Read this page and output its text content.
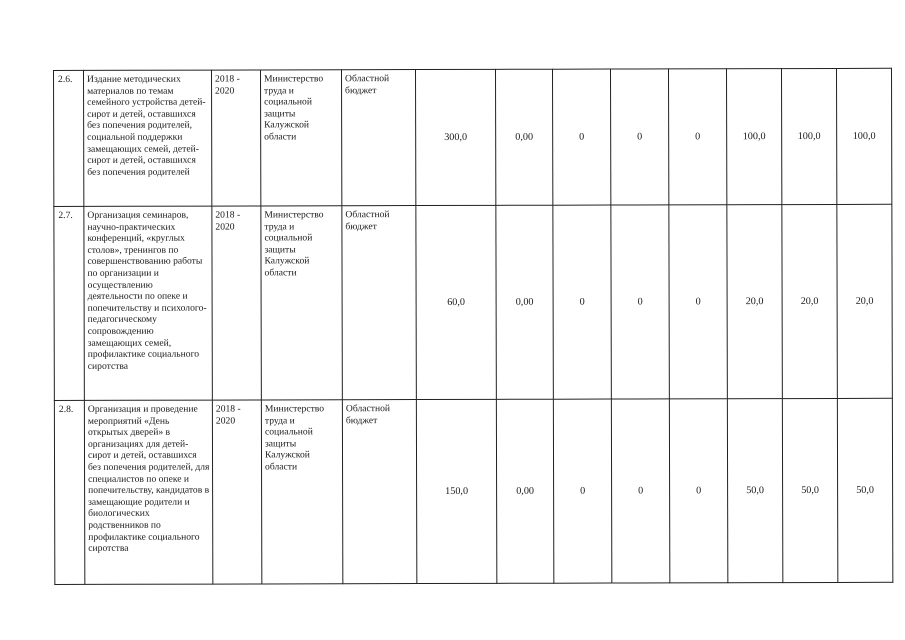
2.6.	Издание методических материалов по темам семейного устройства детей-сирот и детей, оставшихся без попечения родителей, социальной поддержки замещающих семей, детей-сирот и детей, оставшихся без попечения родителей	2018 - 2020	Министерство труда и социальной защиты Калужской области	Областной бюджет	300,0	0,00	0	0	0	100,0	100,0	100,0
2.7.	Организация семинаров, научно-практических конференций, «круглых столов», тренингов по совершенствованию работы по организации и осуществлению деятельности по опеке и попечительству и психолого-педагогическому сопровождению замещающих семей, профилактике социального сиротства	2018 - 2020	Министерство труда и социальной защиты Калужской области	Областной бюджет	60,0	0,00	0	0	0	20,0	20,0	20,0
2.8.	Организация и проведение мероприятий «День открытых дверей» в организациях для детей-сирот и детей, оставшихся без попечения родителей, для специалистов по опеке и попечительству, кандидатов в замещающие родители и биологических родственников по профилактике социального сиротства	2018 - 2020	Министерство труда и социальной защиты Калужской области	Областной бюджет	150,0	0,00	0	0	0	50,0	50,0	50,0
